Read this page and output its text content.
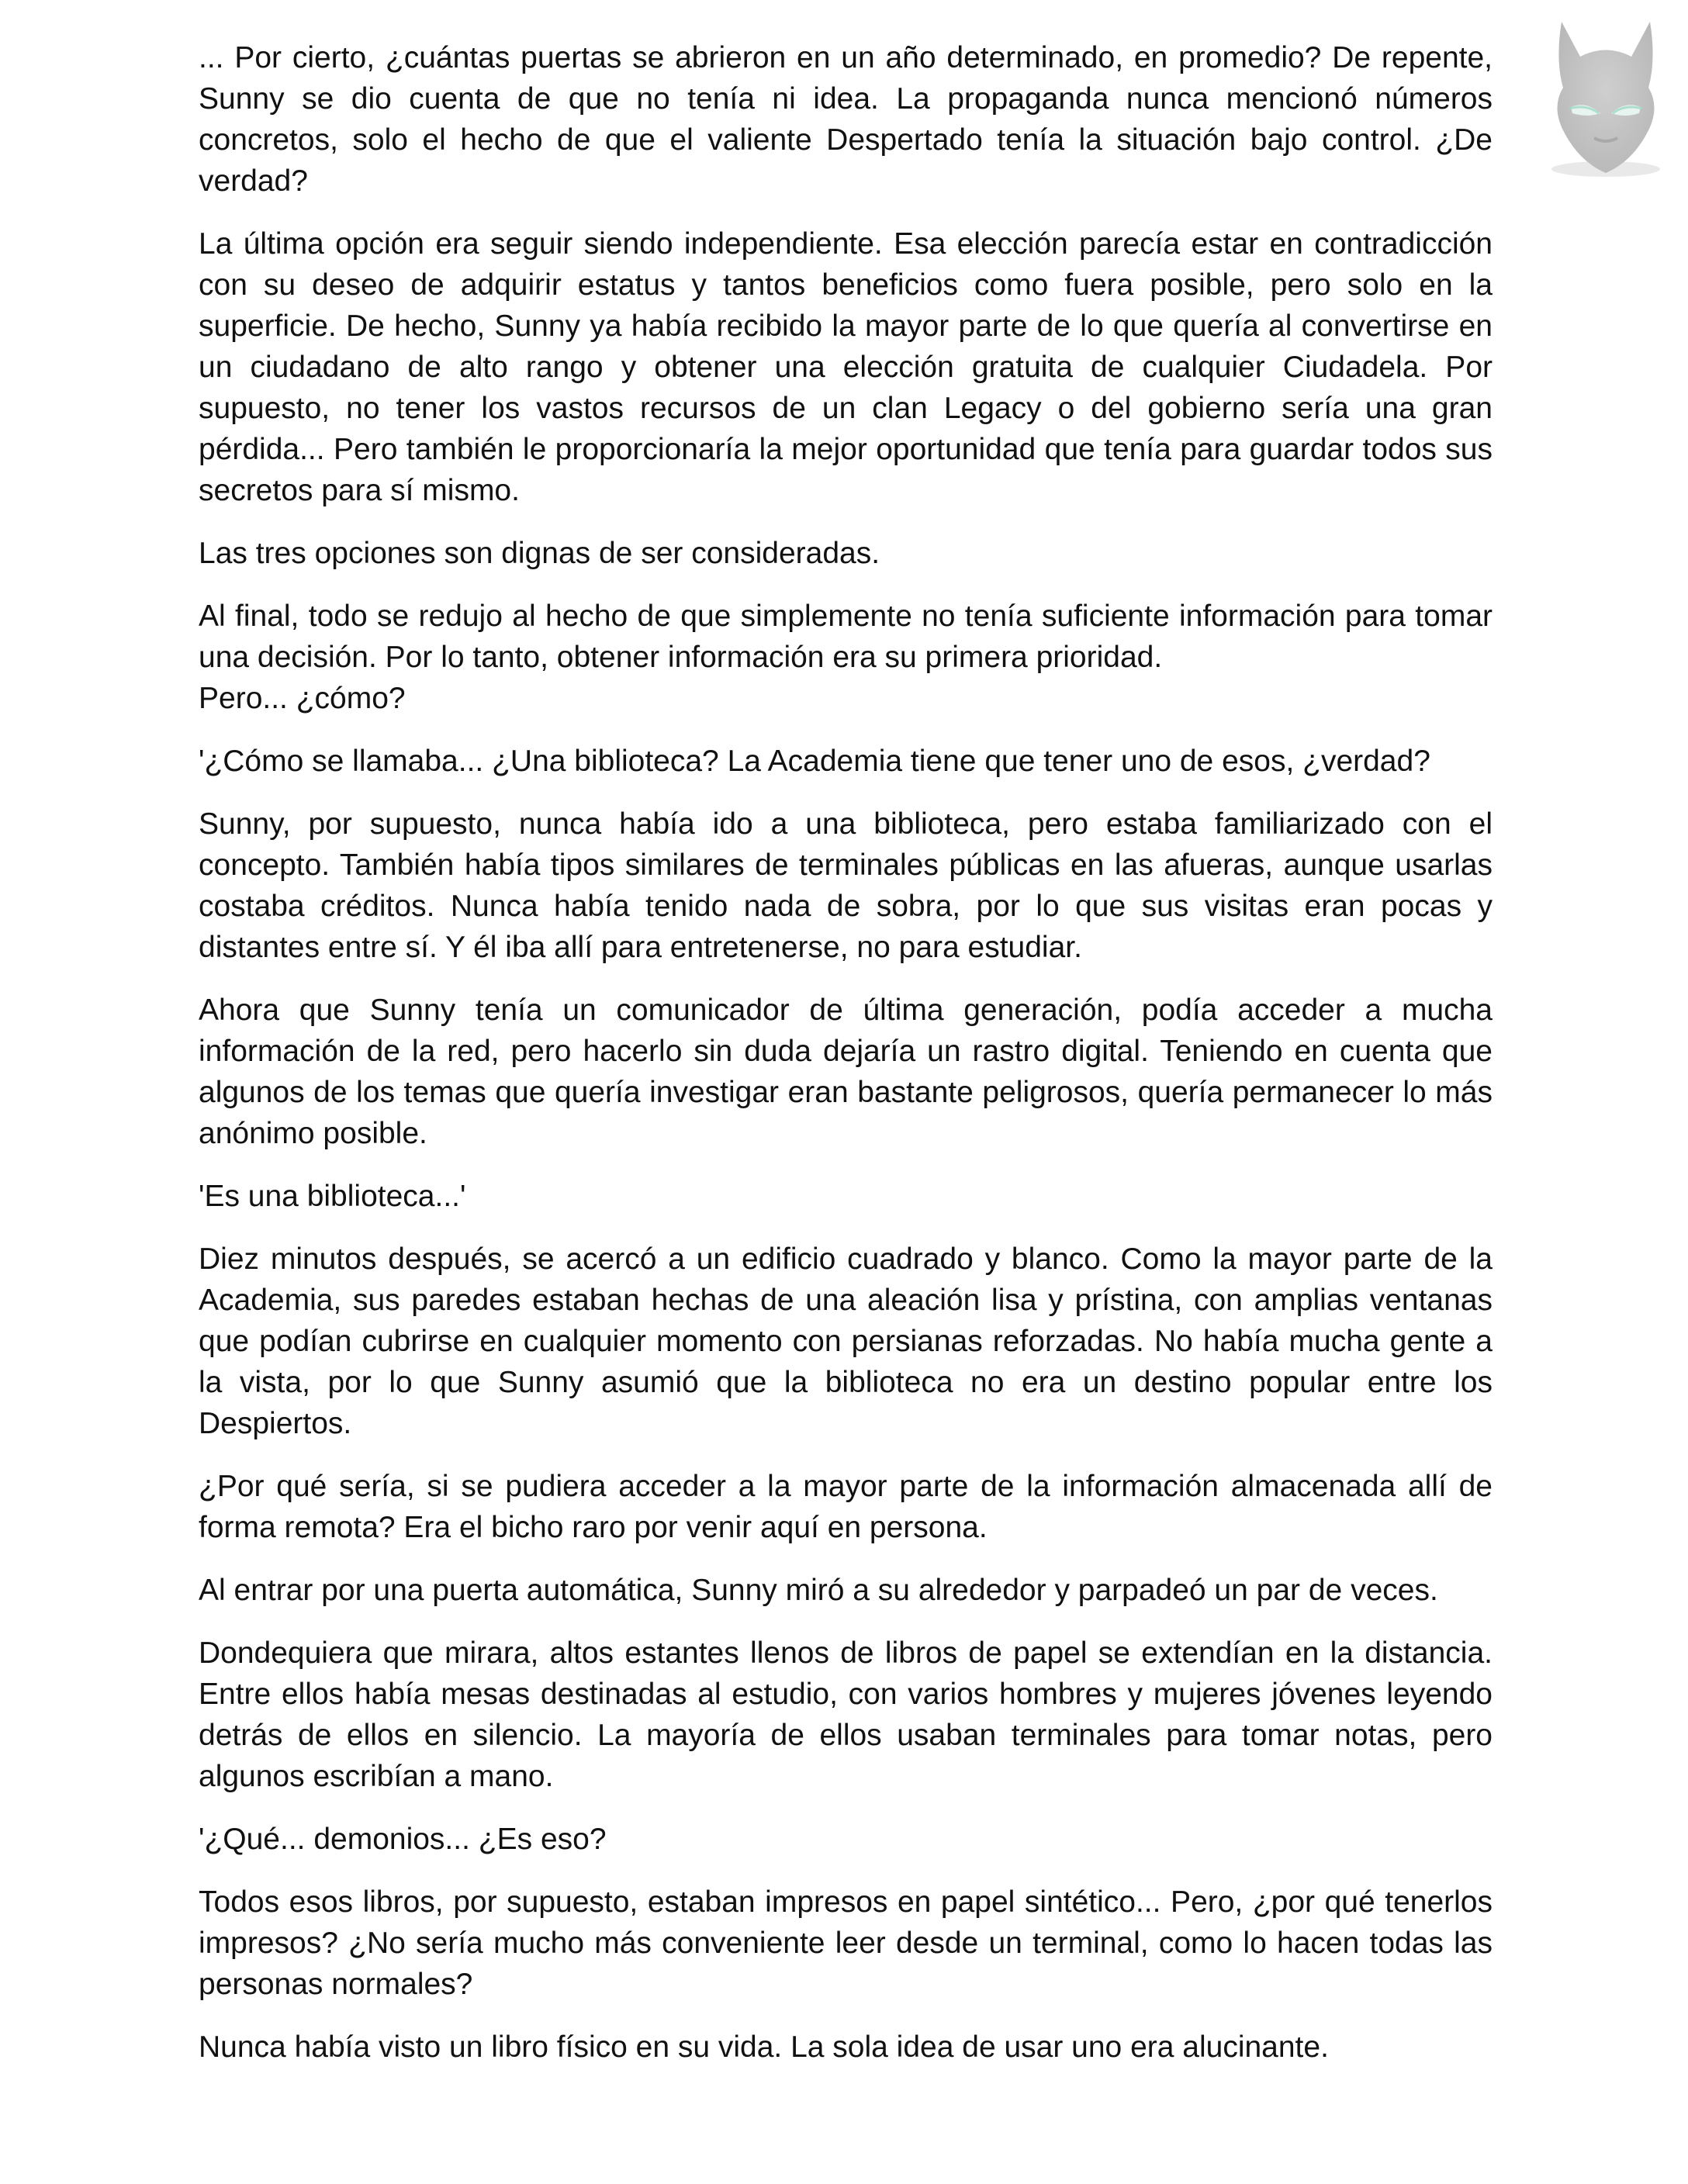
... Por cierto, ¿cuántas puertas se abrieron en un año determinado, en promedio? De repente, Sunny se dio cuenta de que no tenía ni idea. La propaganda nunca mencionó números concretos, solo el hecho de que el valiente Despertado tenía la situación bajo control. ¿De verdad?

La última opción era seguir siendo independiente. Esa elección parecía estar en contradicción con su deseo de adquirir estatus y tantos beneficios como fuera posible, pero solo en la superficie. De hecho, Sunny ya había recibido la mayor parte de lo que quería al convertirse en un ciudadano de alto rango y obtener una elección gratuita de cualquier Ciudadela. Por supuesto, no tener los vastos recursos de un clan Legacy o del gobierno sería una gran pérdida... Pero también le proporcionaría la mejor oportunidad que tenía para guardar todos sus secretos para sí mismo.

Las tres opciones son dignas de ser consideradas.

Al final, todo se redujo al hecho de que simplemente no tenía suficiente información para tomar una decisión. Por lo tanto, obtener información era su primera prioridad.

Pero... ¿cómo?

'¿Cómo se llamaba... ¿Una biblioteca? La Academia tiene que tener uno de esos, ¿verdad?

Sunny, por supuesto, nunca había ido a una biblioteca, pero estaba familiarizado con el concepto. También había tipos similares de terminales públicas en las afueras, aunque usarlas costaba créditos. Nunca había tenido nada de sobra, por lo que sus visitas eran pocas y distantes entre sí. Y él iba allí para entretenerse, no para estudiar.

Ahora que Sunny tenía un comunicador de última generación, podía acceder a mucha información de la red, pero hacerlo sin duda dejaría un rastro digital. Teniendo en cuenta que algunos de los temas que quería investigar eran bastante peligrosos, quería permanecer lo más anónimo posible.

'Es una biblioteca...'

Diez minutos después, se acercó a un edificio cuadrado y blanco. Como la mayor parte de la Academia, sus paredes estaban hechas de una aleación lisa y prístina, con amplias ventanas que podían cubrirse en cualquier momento con persianas reforzadas. No había mucha gente a la vista, por lo que Sunny asumió que la biblioteca no era un destino popular entre los Despiertos.

¿Por qué sería, si se pudiera acceder a la mayor parte de la información almacenada allí de forma remota? Era el bicho raro por venir aquí en persona.

Al entrar por una puerta automática, Sunny miró a su alrededor y parpadeó un par de veces.

Dondequiera que mirara, altos estantes llenos de libros de papel se extendían en la distancia. Entre ellos había mesas destinadas al estudio, con varios hombres y mujeres jóvenes leyendo detrás de ellos en silencio. La mayoría de ellos usaban terminales para tomar notas, pero algunos escribían a mano.

'¿Qué... demonios... ¿Es eso?

Todos esos libros, por supuesto, estaban impresos en papel sintético... Pero, ¿por qué tenerlos impresos? ¿No sería mucho más conveniente leer desde un terminal, como lo hacen todas las personas normales?

Nunca había visto un libro físico en su vida. La sola idea de usar uno era alucinante.
